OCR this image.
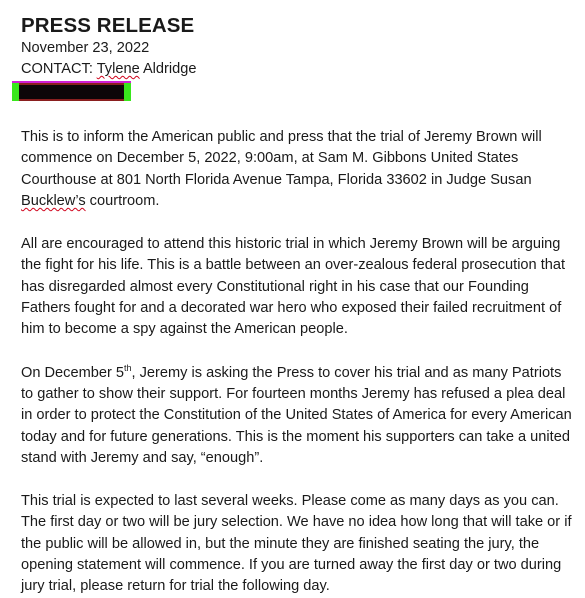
PRESS RELEASE

November 23, 2022

CONTACT: Tylene Aldridge

This is to inform the American public and press that the trial of Jeremy Brown will commence on December 5, 2022, 9:00am, at Sam M. Gibbons United States Courthouse at 801 North Florida Avenue Tampa, Florida 33602 in Judge Susan Bucklew’s courtroom.

All are encouraged to attend this historic trial in which Jeremy Brown will be arguing the fight for his life. This is a battle between an over-zealous federal prosecution that has disregarded almost every Constitutional right in his case that our Founding Fathers fought for and a decorated war hero who exposed their failed recruitment of him to become a spy against the American people.

On December 5th, Jeremy is asking the Press to cover his trial and as many Patriots to gather to show their support. For fourteen months Jeremy has refused a plea deal in order to protect the Constitution of the United States of America for every American today and for future generations. This is the moment his supporters can take a united stand with Jeremy and say, “enough”.

This trial is expected to last several weeks. Please come as many days as you can. The first day or two will be jury selection. We have no idea how long that will take or if the public will be allowed in, but the minute they are finished seating the jury, the opening statement will commence. If you are turned away the first day or two during jury trial, please return for trial the following day.
